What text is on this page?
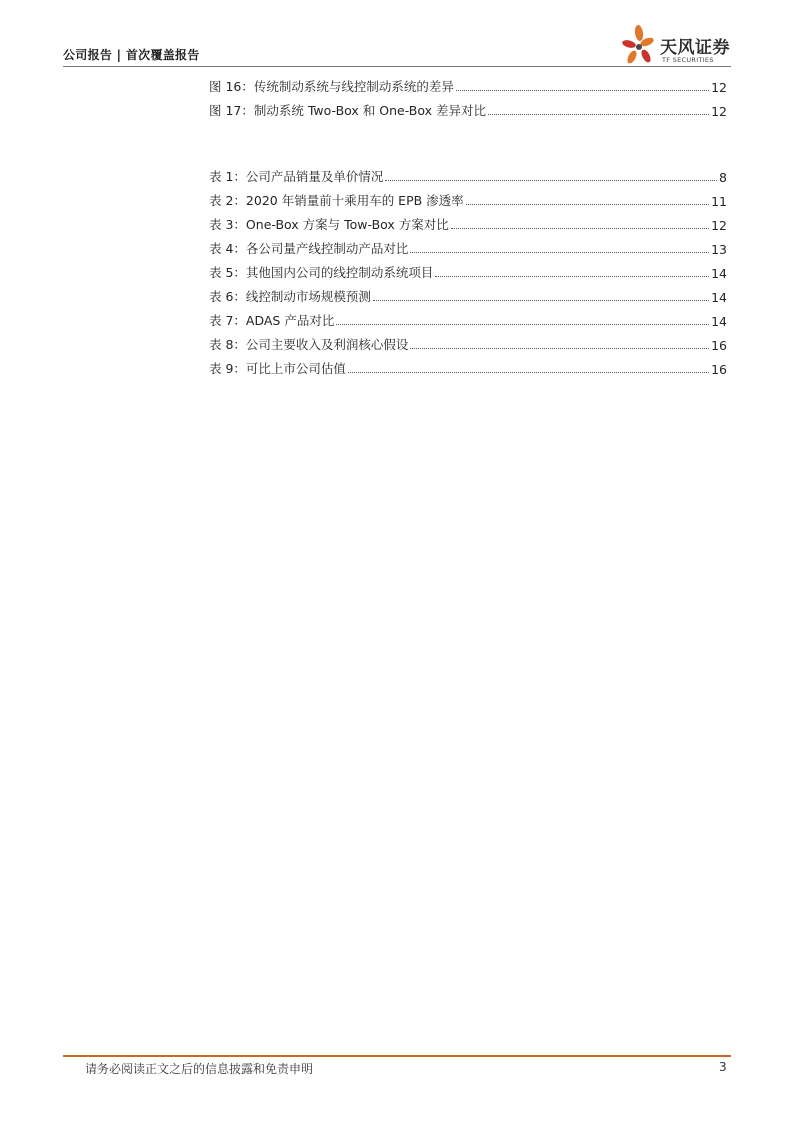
公司报告 | 首次覆盖报告	天风证券
TF SECURITIES
图 16：传统制动系统与线控制动系统的差异	12
图 17：制动系统 Two-Box 和 One-Box 差异对比	12
表 1：公司产品销量及单价情况	8
表 2：2020 年销量前十乘用车的 EPB 渗透率	11
表 3：One-Box 方案与 Tow-Box 方案对比	12
表 4：各公司量产线控制动产品对比	13
表 5：其他国内公司的线控制动系统项目	14
表 6：线控制动市场规模预测	14
表 7：ADAS 产品对比	14
表 8：公司主要收入及利润核心假设	16
表 9：可比上市公司估值	16
请务必阅读正文之后的信息披露和免责申明	3
